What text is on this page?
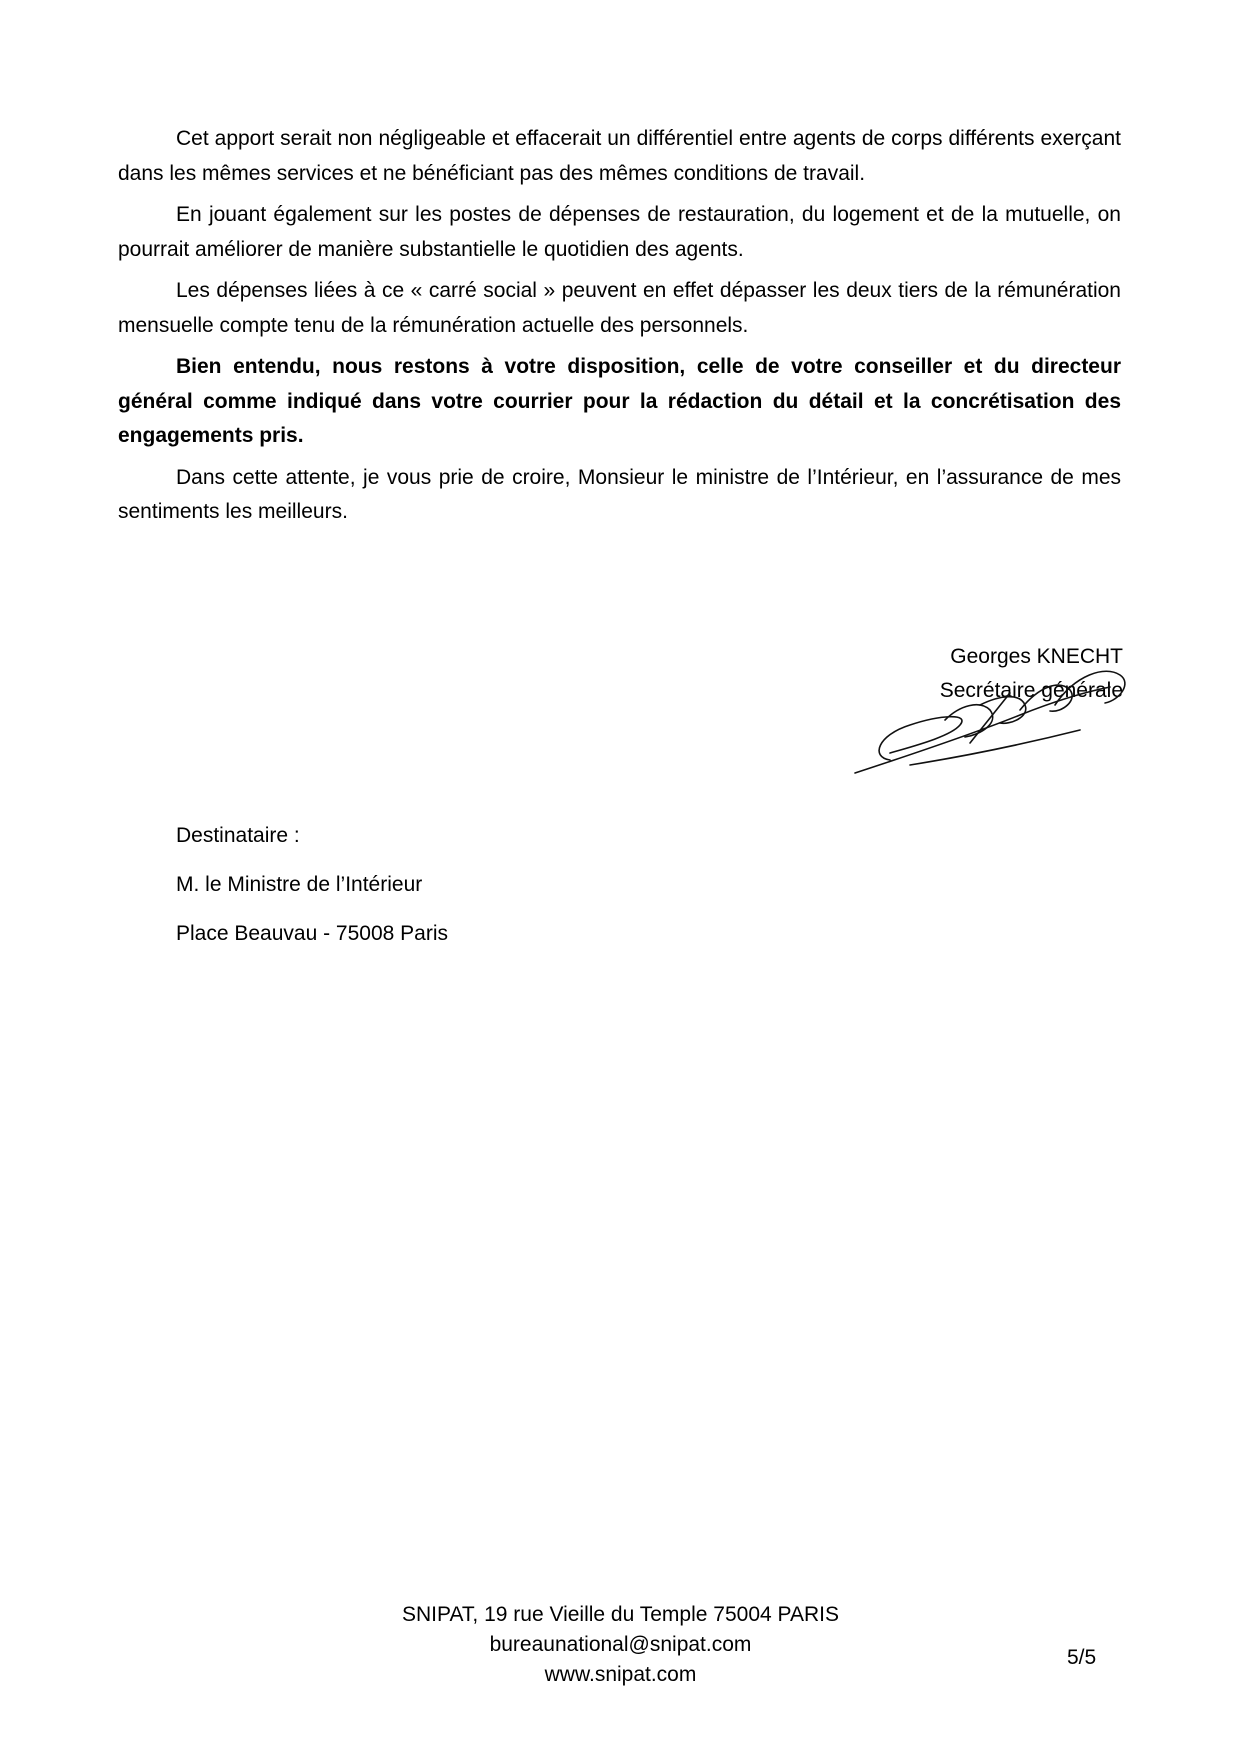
Cet apport serait non négligeable et effacerait un différentiel entre agents de corps différents exerçant dans les mêmes services et ne bénéficiant pas des mêmes conditions de travail.

En jouant également sur les postes de dépenses de restauration, du logement et de la mutuelle, on pourrait améliorer de manière substantielle le quotidien des agents.

Les dépenses liées à ce « carré social » peuvent en effet dépasser les deux tiers de la rémunération mensuelle compte tenu de la rémunération actuelle des personnels.

Bien entendu, nous restons à votre disposition, celle de votre conseiller et du directeur général comme indiqué dans votre courrier pour la rédaction du détail et la concrétisation des engagements pris.

Dans cette attente, je vous prie de croire, Monsieur le ministre de l’Intérieur, en l’assurance de mes sentiments les meilleurs.

Georges KNECHT
Secrétaire générale
Destinataire :
M. le Ministre de l’Intérieur
Place Beauvau - 75008 Paris
SNIPAT, 19 rue Vieille du Temple 75004 PARIS
bureaunational@snipat.com
www.snipat.com
5/5
